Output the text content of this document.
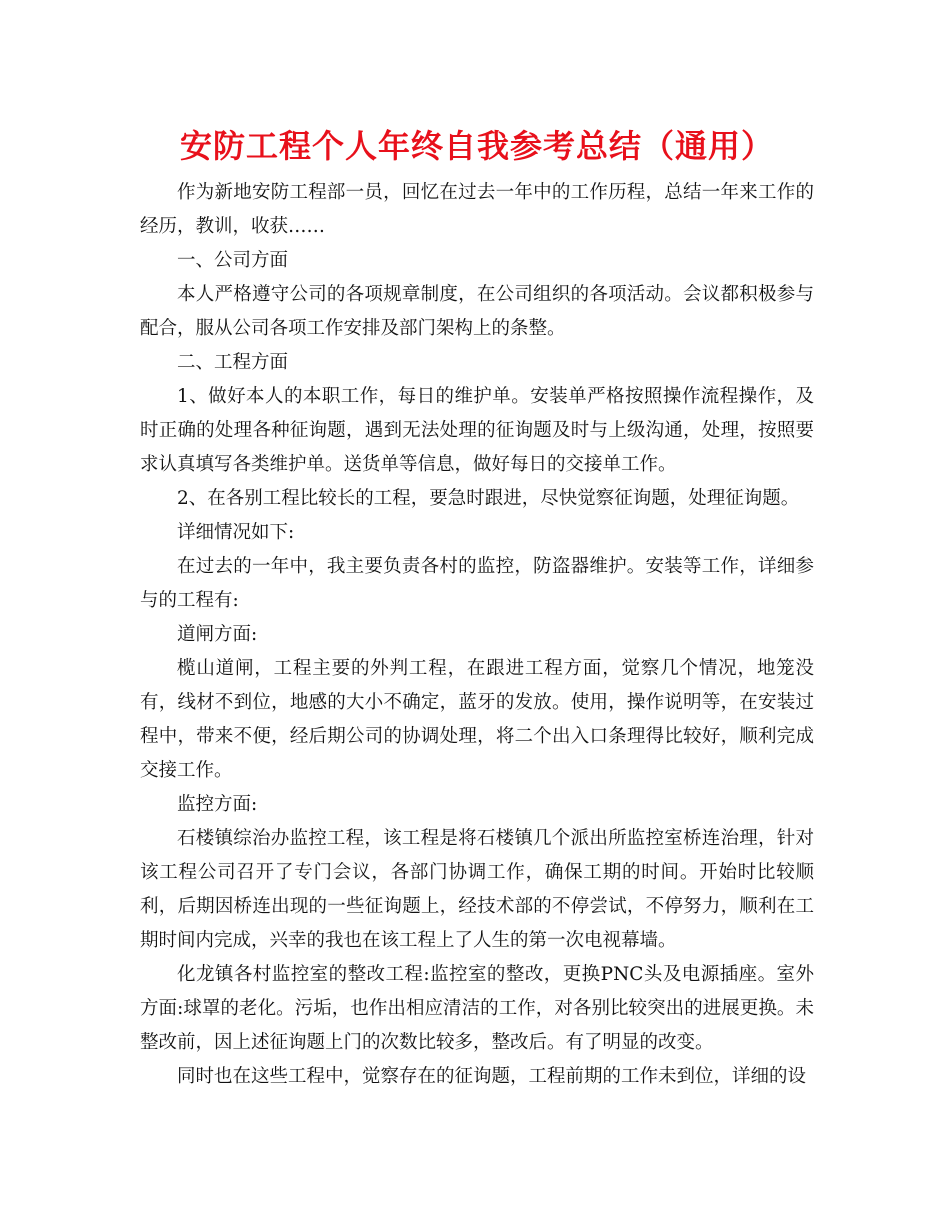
安防工程个人年终自我参考总结（通用）

作为新地安防工程部一员，回忆在过去一年中的工作历程，总结一年来工作的经历，教训，收获……

一、公司方面

本人严格遵守公司的各项规章制度，在公司组织的各项活动。会议都积极参与配合，服从公司各项工作安排及部门架构上的条整。

二、工程方面

1、做好本人的本职工作，每日的维护单。安装单严格按照操作流程操作，及时正确的处理各种征询题，遇到无法处理的征询题及时与上级沟通，处理，按照要求认真填写各类维护单。送货单等信息，做好每日的交接单工作。

2、在各别工程比较长的工程，要急时跟进，尽快觉察征询题，处理征询题。

详细情况如下:

在过去的一年中，我主要负责各村的监控，防盗器维护。安装等工作，详细参与的工程有:

道闸方面:

榄山道闸，工程主要的外判工程，在跟进工程方面，觉察几个情况，地笼没有，线材不到位，地感的大小不确定，蓝牙的发放。使用，操作说明等，在安装过程中，带来不便，经后期公司的协调处理，将二个出入口条理得比较好，顺利完成交接工作。

监控方面:

石楼镇综治办监控工程，该工程是将石楼镇几个派出所监控室桥连治理，针对该工程公司召开了专门会议，各部门协调工作，确保工期的时间。开始时比较顺利，后期因桥连出现的一些征询题上，经技术部的不停尝试，不停努力，顺利在工期时间内完成，兴幸的我也在该工程上了人生的第一次电视幕墙。

化龙镇各村监控室的整改工程:监控室的整改，更换PNC头及电源插座。室外方面:球罩的老化。污垢，也作出相应清洁的工作，对各别比较突出的进展更换。未整改前，因上述征询题上门的次数比较多，整改后。有了明显的改变。

同时也在这些工程中，觉察存在的征询题，工程前期的工作未到位，详细的设
